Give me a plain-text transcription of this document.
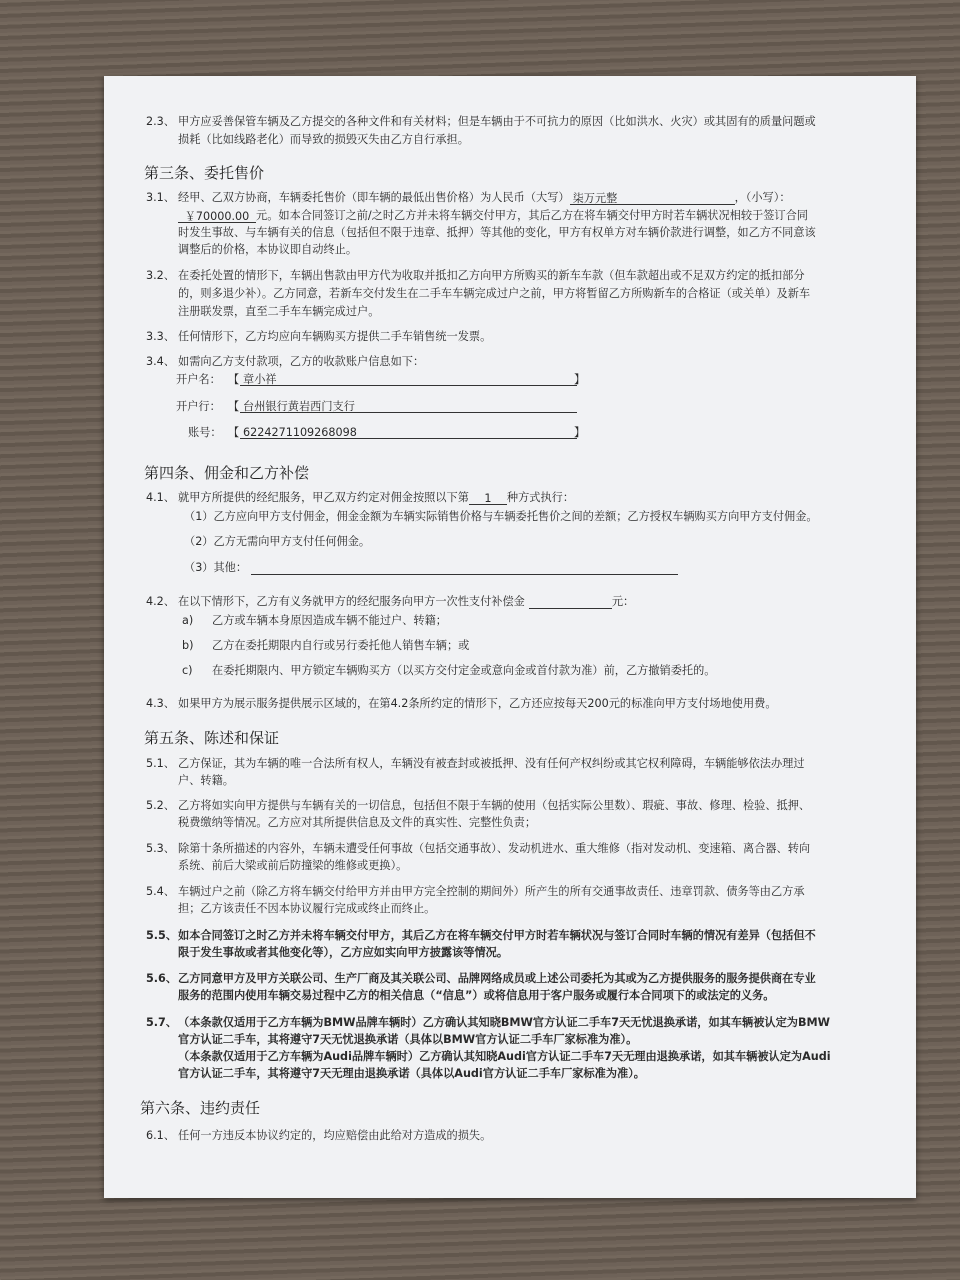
2.3、 甲方应妥善保管车辆及乙方提交的各种文件和有关材料；但是车辆由于不可抗力的原因（比如洪水、火灾）或其固有的质量问题或
损耗（比如线路老化）而导致的损毁灭失由乙方自行承担。
第三条、委托售价
3.1、 经甲、乙双方协商，车辆委托售价（即车辆的最低出售价格）为人民币（大写） 柒万元整	，（小写）：
￥70000.00 元。如本合同签订之前/之时乙方并未将车辆交付甲方，其后乙方在将车辆交付甲方时若车辆状况相较于签订合同
时发生事故、与车辆有关的信息（包括但不限于违章、抵押）等其他的变化，甲方有权单方对车辆价款进行调整，如乙方不同意该
调整后的价格，本协议即自动终止。
3.2、 在委托处置的情形下，车辆出售款由甲方代为收取并抵扣乙方向甲方所购买的新车车款（但车款超出或不足双方约定的抵扣部分
的，则多退少补）。乙方同意，若新车交付发生在二手车车辆完成过户之前，甲方将暂留乙方所购新车的合格证（或关单）及新车
注册联发票，直至二手车车辆完成过户。
3.3、 任何情形下，乙方均应向车辆购买方提供二手车销售统一发票。
3.4、 如需向乙方支付款项，乙方的收款账户信息如下：
开户名： 【 章小祥	】
开户行： 【 台州银行黄岩西门支行
账号： 【 6224271109268098	】
第四条、佣金和乙方补偿
4.1、 就甲方所提供的经纪服务，甲乙双方约定对佣金按照以下第 1 种方式执行：
（1）乙方应向甲方支付佣金，佣金金额为车辆实际销售价格与车辆委托售价之间的差额；乙方授权车辆购买方向甲方支付佣金。
（2）乙方无需向甲方支付任何佣金。
（3）其他：
4.2、 在以下情形下，乙方有义务就甲方的经纪服务向甲方一次性支付补偿金	元：
a) 乙方或车辆本身原因造成车辆不能过户、转籍；
b) 乙方在委托期限内自行或另行委托他人销售车辆；或
c) 在委托期限内、甲方锁定车辆购买方（以买方交付定金或意向金或首付款为准）前，乙方撤销委托的。
4.3、 如果甲方为展示服务提供展示区域的，在第4.2条所约定的情形下，乙方还应按每天200元的标准向甲方支付场地使用费。
第五条、陈述和保证
5.1、 乙方保证，其为车辆的唯一合法所有权人，车辆没有被查封或被抵押、没有任何产权纠纷或其它权利障碍，车辆能够依法办理过
户、转籍。
5.2、 乙方将如实向甲方提供与车辆有关的一切信息，包括但不限于车辆的使用（包括实际公里数）、瑕疵、事故、修理、检验、抵押、
税费缴纳等情况。乙方应对其所提供信息及文件的真实性、完整性负责；
5.3、 除第十条所描述的内容外，车辆未遭受任何事故（包括交通事故）、发动机进水、重大维修（指对发动机、变速箱、离合器、转向
系统、前后大梁或前后防撞梁的维修或更换）。
5.4、 车辆过户之前（除乙方将车辆交付给甲方并由甲方完全控制的期间外）所产生的所有交通事故责任、违章罚款、债务等由乙方承
担；乙方该责任不因本协议履行完成或终止而终止。
5.5、 如本合同签订之时乙方并未将车辆交付甲方，其后乙方在将车辆交付甲方时若车辆状况与签订合同时车辆的情况有差异（包括但不
限于发生事故或者其他变化等），乙方应如实向甲方披露该等情况。
5.6、 乙方同意甲方及甲方关联公司、生产厂商及其关联公司、品牌网络成员或上述公司委托为其或为乙方提供服务的服务提供商在专业
服务的范围内使用车辆交易过程中乙方的相关信息（“信息”）或将信息用于客户服务或履行本合同项下的或法定的义务。
5.7、 （本条款仅适用于乙方车辆为BMW品牌车辆时）乙方确认其知晓BMW官方认证二手车7天无忧退换承诺，如其车辆被认定为BMW
官方认证二手车，其将遵守7天无忧退换承诺（具体以BMW官方认证二手车厂家标准为准）。
（本条款仅适用于乙方车辆为Audi品牌车辆时）乙方确认其知晓Audi官方认证二手车7天无理由退换承诺，如其车辆被认定为Audi
官方认证二手车，其将遵守7天无理由退换承诺（具体以Audi官方认证二手车厂家标准为准）。
第六条、违约责任
6.1、 任何一方违反本协议约定的，均应赔偿由此给对方造成的损失。
